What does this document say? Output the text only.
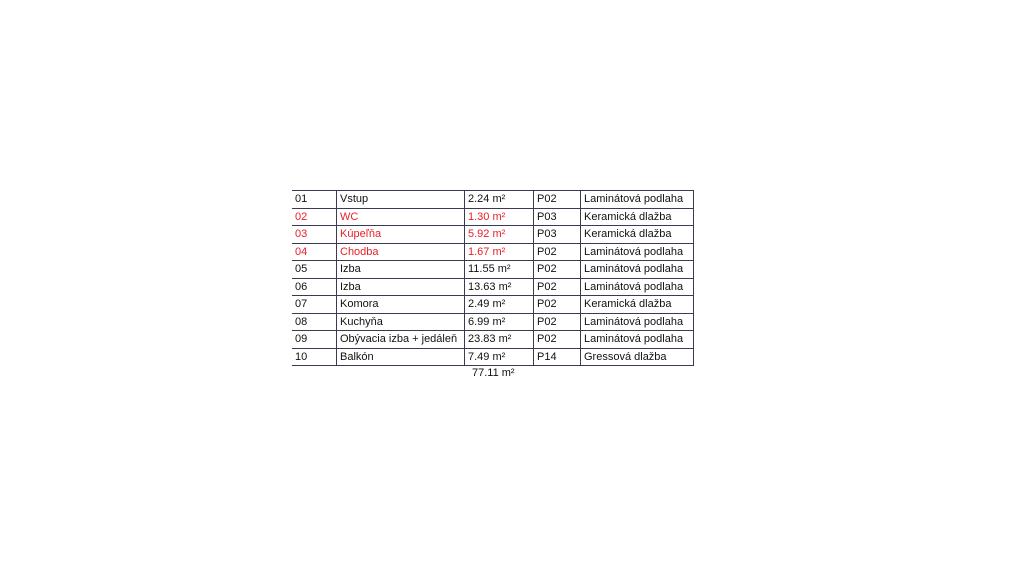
01	Vstup	2.24 m²	P02	Laminátová podlaha
02	WC	1.30 m²	P03	Keramická dlažba
03	Kúpeľňa	5.92 m²	P03	Keramická dlažba
04	Chodba	1.67 m²	P02	Laminátová podlaha
05	Izba	11.55 m²	P02	Laminátová podlaha
06	Izba	13.63 m²	P02	Laminátová podlaha
07	Komora	2.49 m²	P02	Keramická dlažba
08	Kuchyňa	6.99 m²	P02	Laminátová podlaha
09	Obývacia izba + jedáleň	23.83 m²	P02	Laminátová podlaha
10	Balkón	7.49 m²	P14	Gressová dlažba
77.11 m²
